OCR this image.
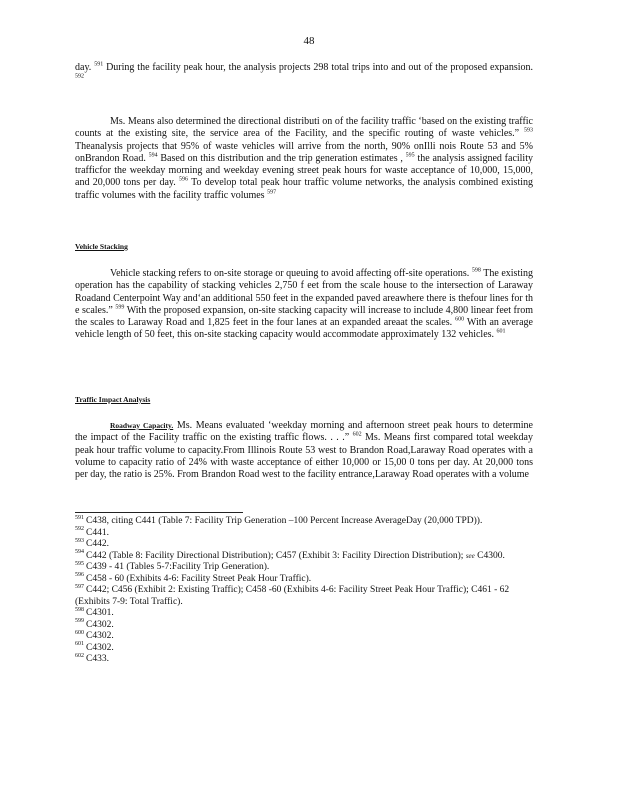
48

day. $^{591}$ During the facility peak hour, the analysis projects 298 total trips into and out of the proposed expansion. $^{592}$

Ms. Means also determined the directional distributi on of the facility traffic ‘based on the existing traffic counts at the existing site, the service area of the Facility, and the specific routing of waste vehicles.” $^{593}$ Theanalysis projects that 95% of waste vehicles will arrive from the north, 90% onIlli nois Route 53 and 5% onBrandon Road. $^{594}$ Based on this distribution and the trip generation estimates , $^{595}$ the analysis assigned facility trafficfor the weekday morning and weekday evening street peak hours for waste acceptance of 10,000, 15,000, and 20,000 tons per day. $^{596}$ To develop total peak hour traffic volume networks, the analysis combined existing traffic volumes with the facility traffic volumes $^{597}$

Vehicle Stacking

Vehicle stacking refers to on-site storage or queuing to avoid affecting off-site operations. $^{598}$ The existing operation has the capability of stacking vehicles 2,750 f eet from the scale house to the intersection of Laraway Roadand Centerpoint Way and‘an additional 550 feet in the expanded paved areawhere there is thefour lines for th e scales.” $^{599}$ With the proposed expansion, on-site stacking capacity will increase to include 4,800 linear feet from the scales to Laraway Road and 1,825 feet in the four lanes at an expanded areaat the scales. $^{600}$ With an average vehicle length of 50 feet, this on-site stacking capacity would accommodate approximately 132 vehicles. $^{601}$

Traffic Impact Analysis

Roadway Capacity. Ms. Means evaluated ‘weekday morning and afternoon street peak hours to determine the impact of the Facility traffic on the existing traffic flows. . . .” $^{602}$ Ms. Means first compared total weekday peak hour traffic volume to capacity.From Illinois Route 53 west to Brandon Road,Laraway Road operates with a volume to capacity ratio of 24% with waste acceptance of either 10,000 or 15,00 0 tons per day. At 20,000 tons per day, the ratio is 25%. From Brandon Road west to the facility entrance,Laraway Road operates with a volume

$^{591}$ C438, citing C441 (Table 7: Facility Trip Generation –100 Percent Increase AverageDay (20,000 TPD)).

$^{592}$ C441.

$^{593}$ C442.

$^{594}$ C442 (Table 8: Facility Directional Distribution); C457 (Exhibit 3: Facility Direction Distribution); see C4300.

$^{595}$ C439 - 41 (Tables 5-7:Facility Trip Generation).

$^{596}$ C458 - 60 (Exhibits 4-6: Facility Street Peak Hour Traffic).

$^{597}$ C442; C456 (Exhibit 2: Existing Traffic); C458 -60 (Exhibits 4-6: Facility Street Peak Hour Traffic); C461 - 62 (Exhibits 7-9: Total Traffic).

$^{598}$ C4301.

$^{599}$ C4302.

$^{600}$ C4302.

$^{601}$ C4302.

$^{602}$ C433.
